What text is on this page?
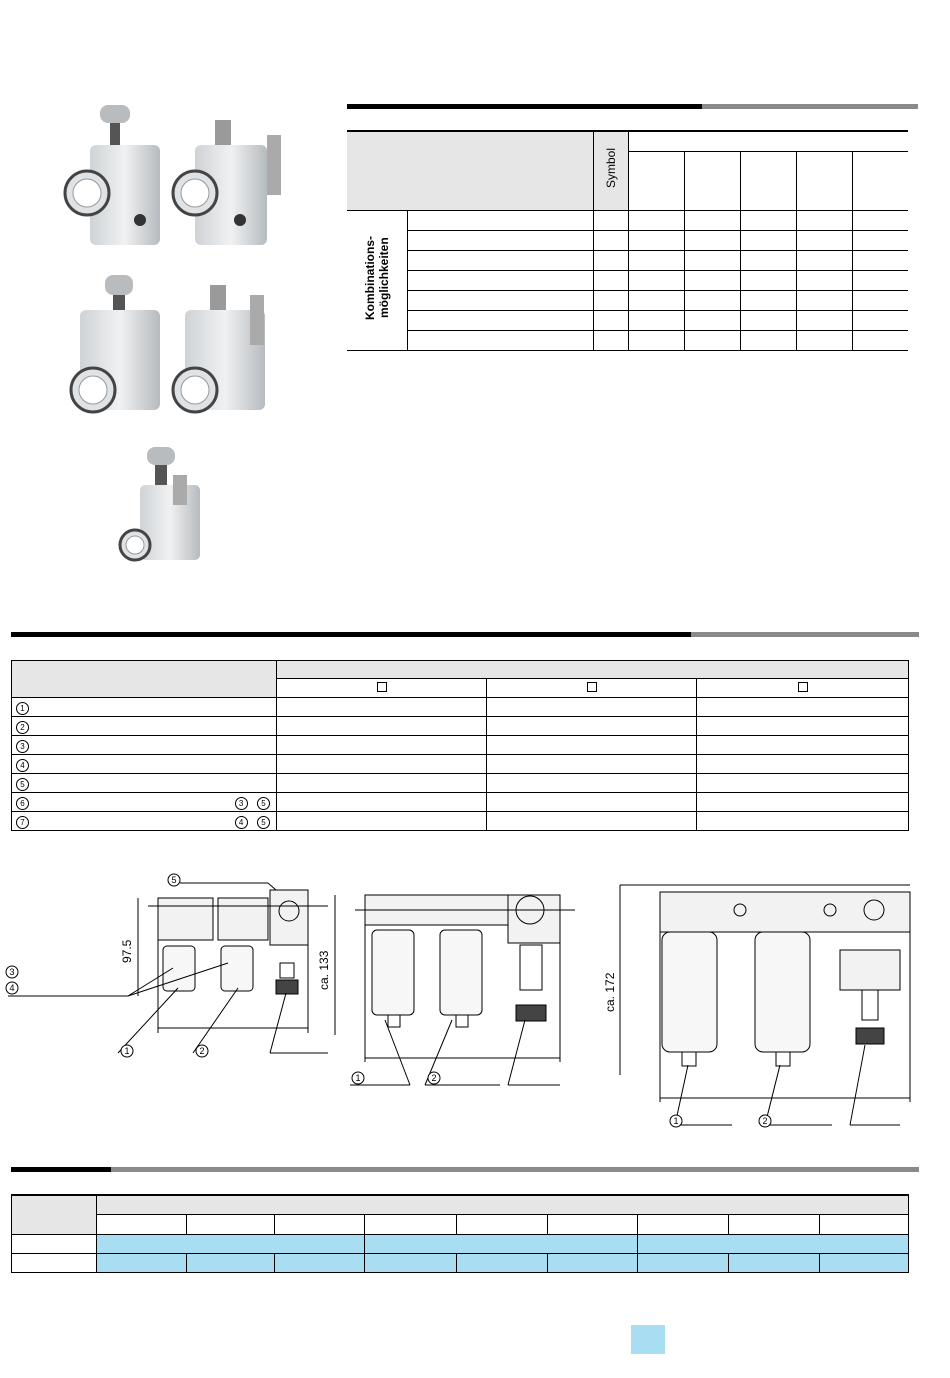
		Symbol					

Kombinations-
möglichkeiten							

1			
2			
3			
4			
5			
6 3 5			

7 4 5			

97.5
5
3
4
1	2
ca. 133
1	2
ca. 172
1	2
